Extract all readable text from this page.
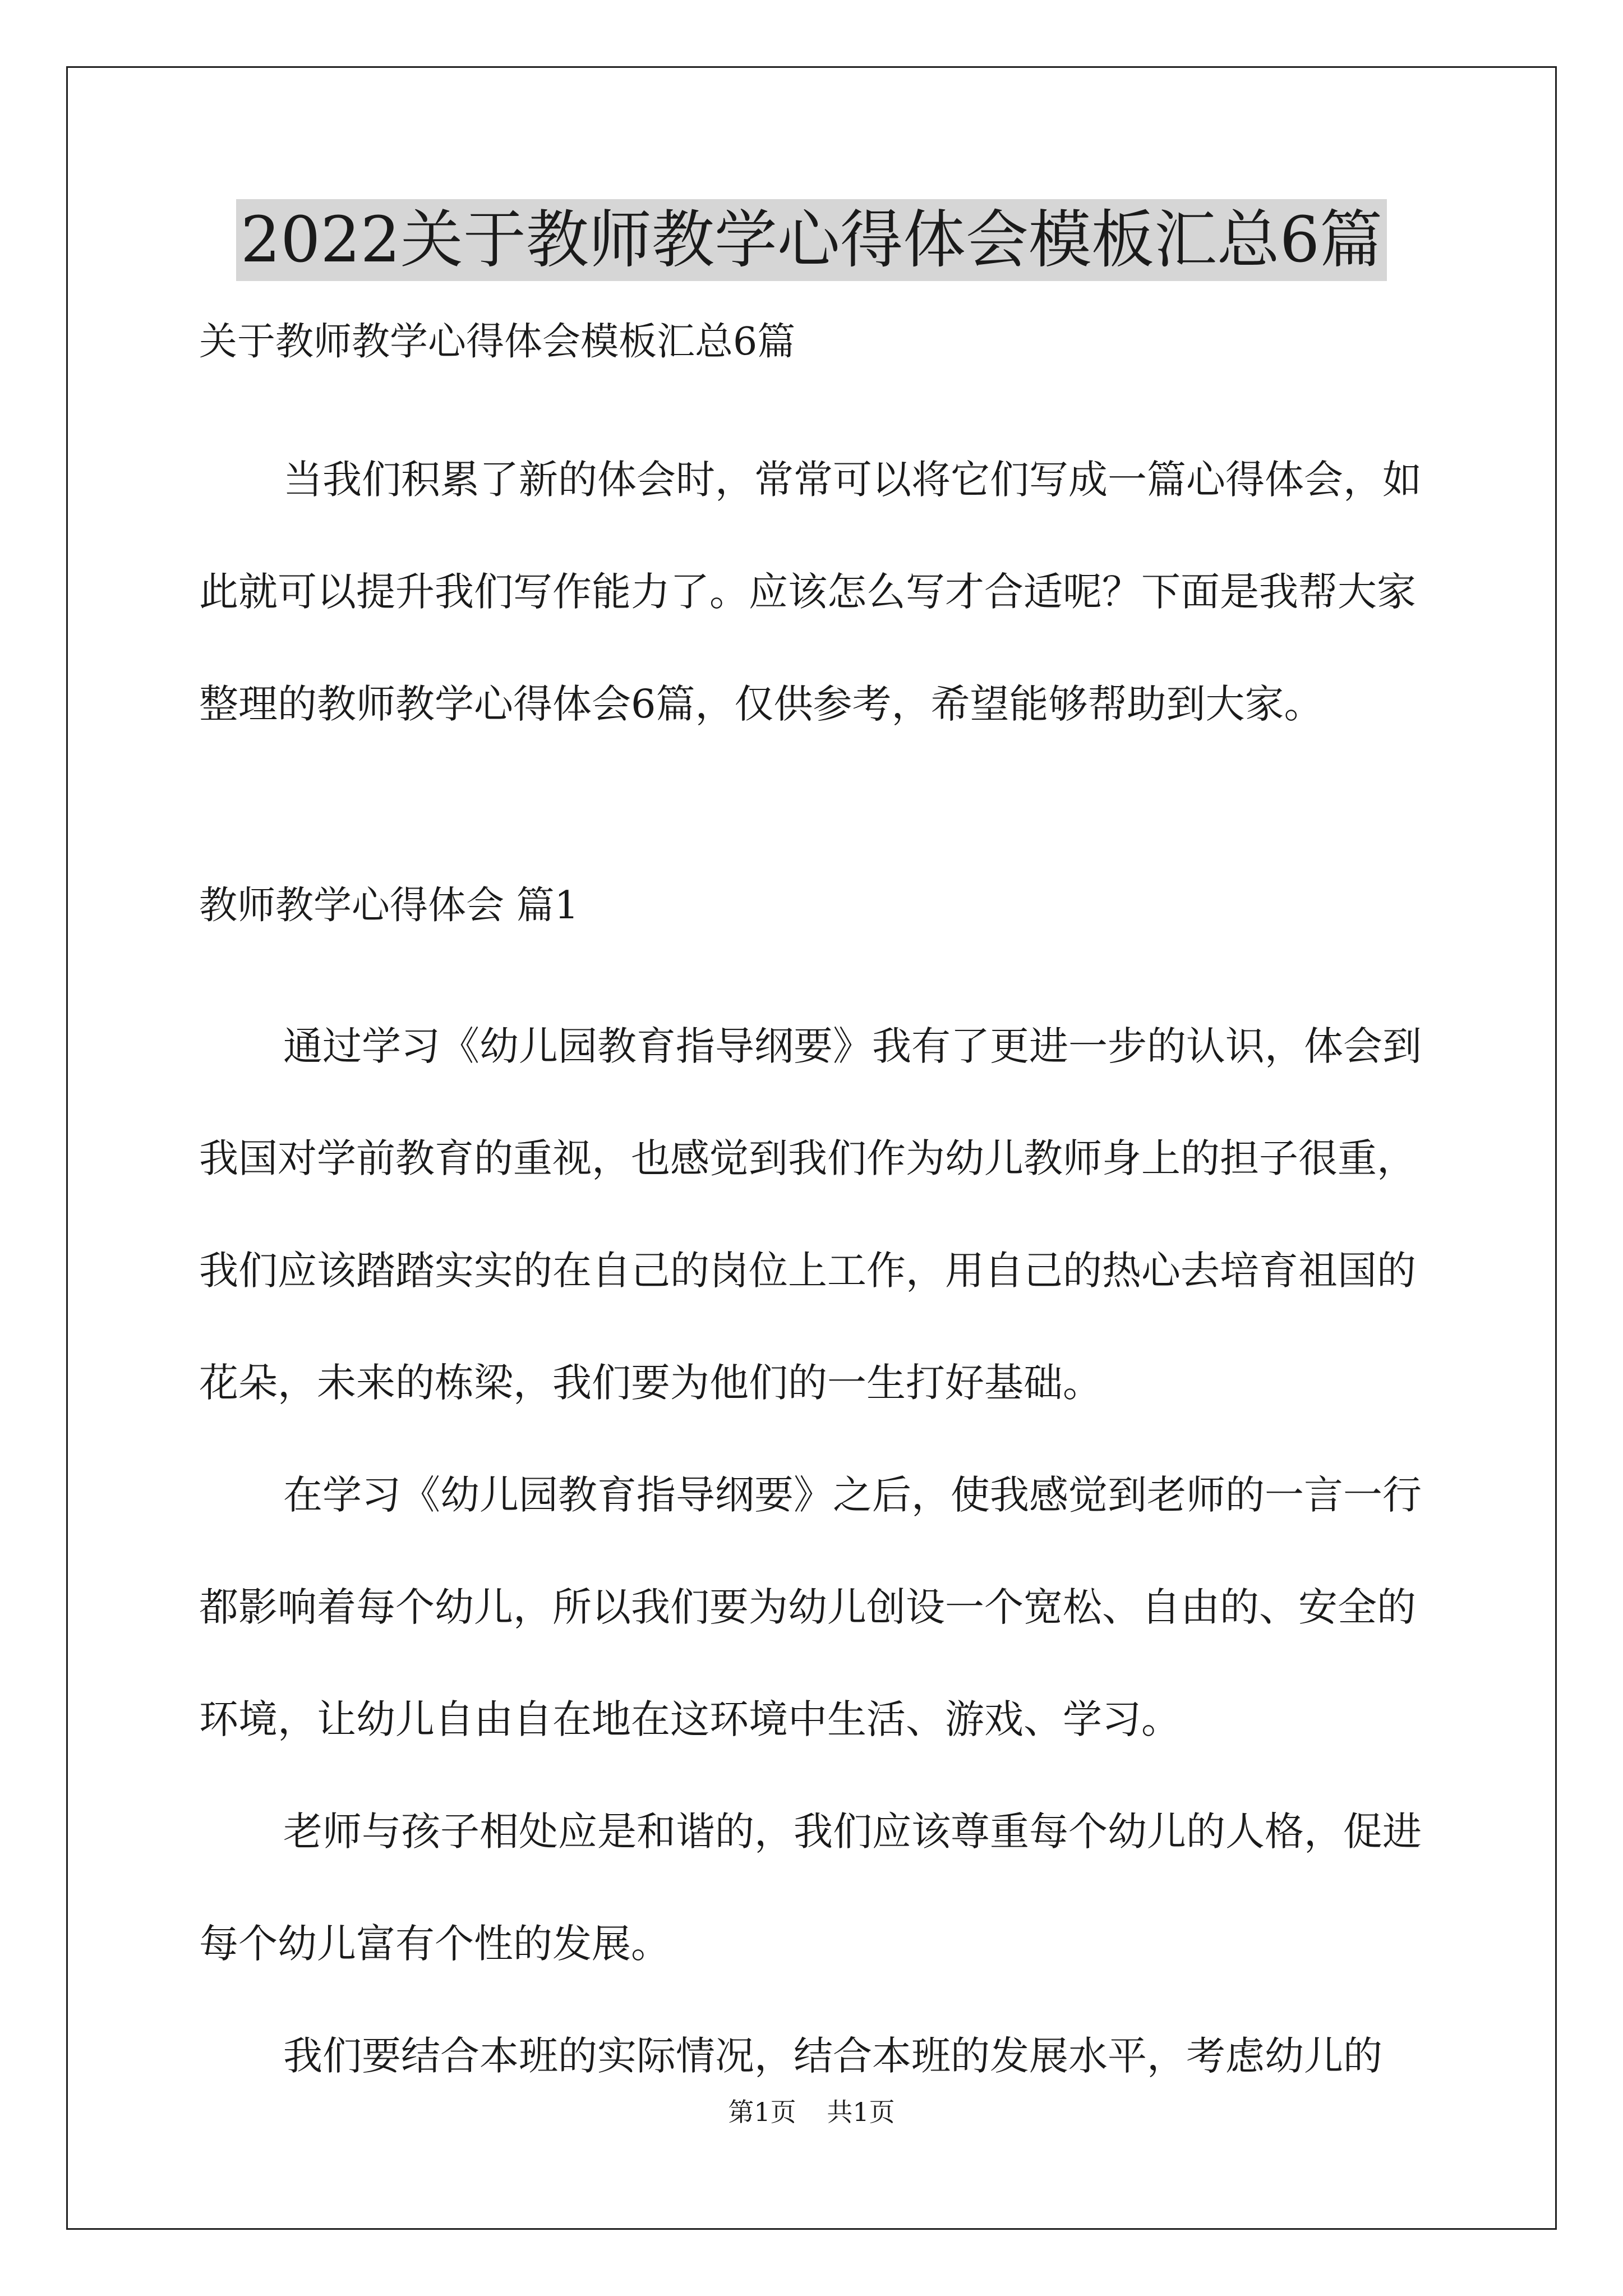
2022关于教师教学心得体会模板汇总6篇

关于教师教学心得体会模板汇总6篇

当我们积累了新的体会时，常常可以将它们写成一篇心得体会，如此就可以提升我们写作能力了。应该怎么写才合适呢？下面是我帮大家整理的教师教学心得体会6篇，仅供参考，希望能够帮助到大家。

教师教学心得体会 篇1

通过学习《幼儿园教育指导纲要》我有了更进一步的认识，体会到我国对学前教育的重视，也感觉到我们作为幼儿教师身上的担子很重，我们应该踏踏实实的在自己的岗位上工作，用自己的热心去培育祖国的花朵，未来的栋梁，我们要为他们的一生打好基础。

在学习《幼儿园教育指导纲要》之后，使我感觉到老师的一言一行都影响着每个幼儿，所以我们要为幼儿创设一个宽松、自由的、安全的环境，让幼儿自由自在地在这环境中生活、游戏、学习。

老师与孩子相处应是和谐的，我们应该尊重每个幼儿的人格，促进每个幼儿富有个性的发展。

我们要结合本班的实际情况，结合本班的发展水平，考虑幼儿的

第1页 共1页
